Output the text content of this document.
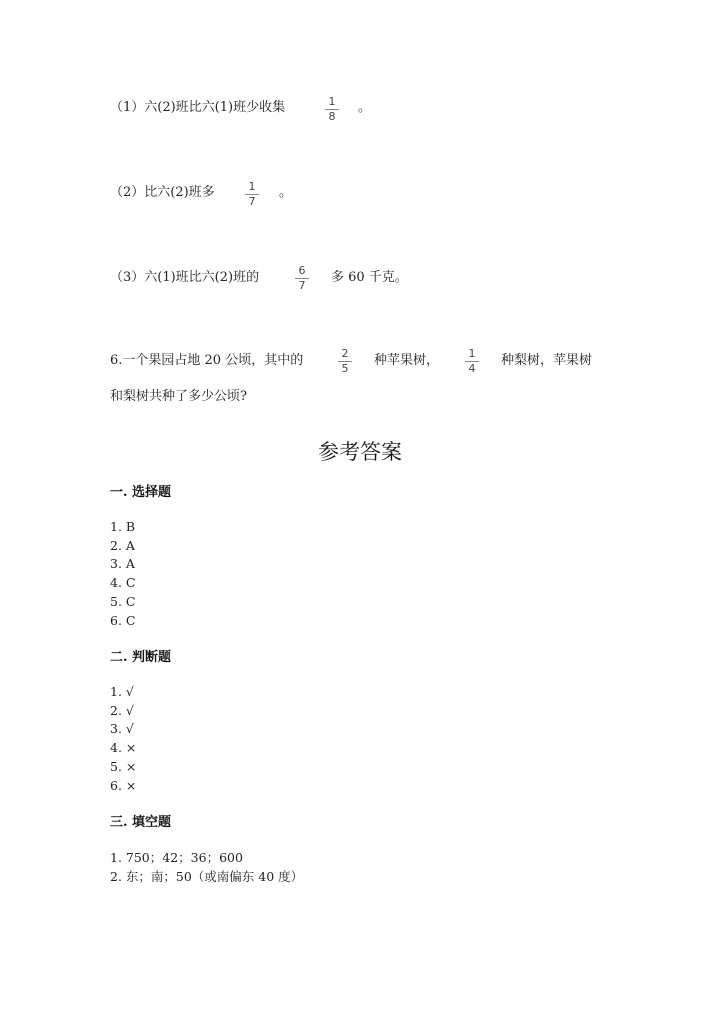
（1）六(2)班比六(1)班少收集	1
8
。
（2）比六(2)班多	1
7
。
（3）六(1)班比六(2)班的	6
7
多 60 千克。
6.一个果园占地 20 公顷，其中的	2
5
种苹果树，	1
4
种梨树，苹果树
和梨树共种了多少公顷?
参考答案
一. 选择题
1. B
2. A
3. A
4. C
5. C
6. C
二. 判断题
1. √
2. √
3. √
4. ×
5. ×
6. ×
三. 填空题
1. 750；42；36；600
2. 东；南；50（或南偏东 40 度）
